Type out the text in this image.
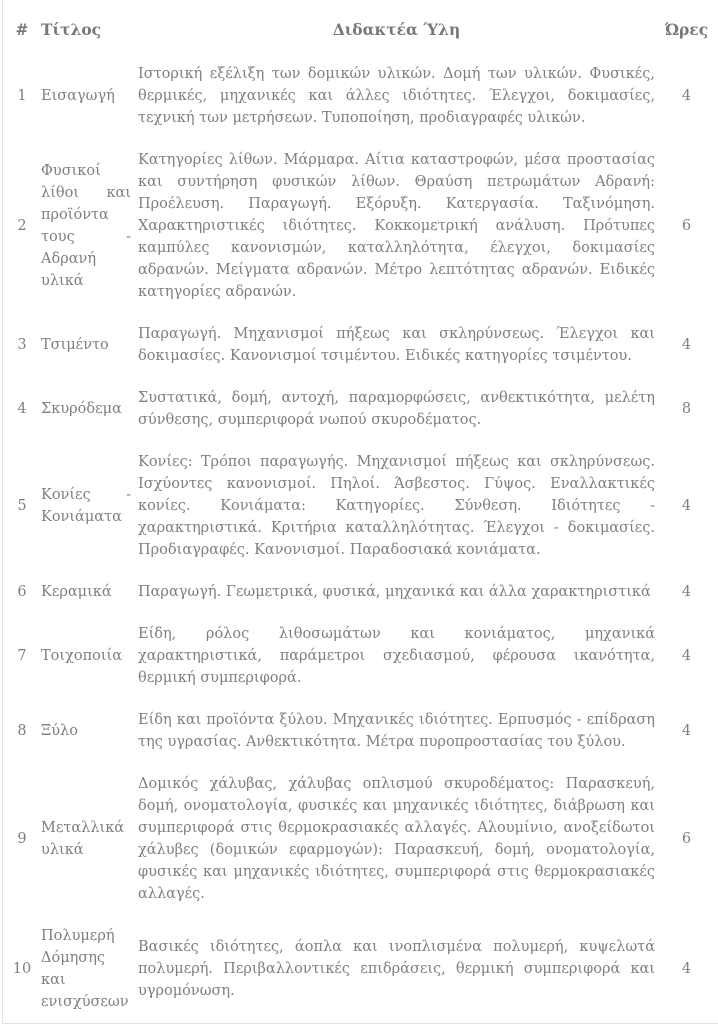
#	Τίτλος	Διδακτέα Ύλη	Ώρες
1	Εισαγωγή	Ιστορική εξέλιξη των δομικών υλικών. Δομή των υλικών. Φυσικές, θερμικές, μηχανικές και άλλες ιδιότητες. Έλεγχοι, δοκιμασίες, τεχνική των μετρήσεων. Τυποποίηση, προδιαγραφές υλικών.	4
2	Φυσικοί λίθοι και προϊόντα τους - Αδρανή υλικά	Κατηγορίες λίθων. Μάρμαρα. Αίτια καταστροφών, μέσα προστασίας και συντήρηση φυσικών λίθων. Θραύση πετρωμάτων Αδρανή: Προέλευση. Παραγωγή. Εξόρυξη. Κατεργασία. Ταξινόμηση. Χαρακτηριστικές ιδιότητες. Κοκκομετρική ανάλυση. Πρότυπες καμπύλες κανονισμών, καταλληλότητα, έλεγχοι, δοκιμασίες αδρανών. Μείγματα αδρανών. Μέτρο λεπτότητας αδρανών. Ειδικές κατηγορίες αδρανών.	6
3	Τσιμέντο	Παραγωγή. Μηχανισμοί πήξεως και σκληρύνσεως. Έλεγχοι και δοκιμασίες. Κανονισμοί τσιμέντου. Ειδικές κατηγορίες τσιμέντου.	4
4	Σκυρόδεμα	Συστατικά, δομή, αντοχή, παραμορφώσεις, ανθεκτικότητα, μελέτη σύνθεσης, συμπεριφορά νωπού σκυροδέματος.	8
5	Κονίες - Κονιάματα	Κονίες: Τρόποι παραγωγής. Μηχανισμοί πήξεως και σκληρύνσεως. Ισχύοντες κανονισμοί. Πηλοί. Άσβεστος. Γύψος. Εναλλακτικές κονίες. Κονιάματα: Κατηγορίες. Σύνθεση. Ιδιότητες - χαρακτηριστικά. Κριτήρια καταλληλότητας. Έλεγχοι - δοκιμασίες. Προδιαγραφές. Κανονισμοί. Παραδοσιακά κονιάματα.	4
6	Κεραμικά	Παραγωγή. Γεωμετρικά, φυσικά, μηχανικά και άλλα χαρακτηριστικά	4
7	Τοιχοποιία	Είδη, ρόλος λιθοσωμάτων και κονιάματος, μηχανικά χαρακτηριστικά, παράμετροι σχεδιασμού, φέρουσα ικανότητα, θερμική συμπεριφορά.	4
8	Ξύλο	Είδη και προϊόντα ξύλου. Μηχανικές ιδιότητες. Ερπυσμός - επίδραση της υγρασίας. Ανθεκτικότητα. Μέτρα πυροπροστασίας του ξύλου.	4
9	Μεταλλικά υλικά	Δομικός χάλυβας, χάλυβας οπλισμού σκυροδέματος: Παρασκευή, δομή, ονοματολογία, φυσικές και μηχανικές ιδιότητες, διάβρωση και συμπεριφορά στις θερμοκρασιακές αλλαγές. Αλουμίνιο, ανοξείδωτοι χάλυβες (δομικών εφαρμογών): Παρασκευή, δομή, ονοματολογία, φυσικές και μηχανικές ιδιότητες, συμπεριφορά στις θερμοκρασιακές αλλαγές.	6
10	Πολυμερή Δόμησης και ενισχύσεων	Βασικές ιδιότητες, άοπλα και ινοπλισμένα πολυμερή, κυψελωτά πολυμερή. Περιβαλλοντικές επιδράσεις, θερμική συμπεριφορά και υγρομόνωση.	4
